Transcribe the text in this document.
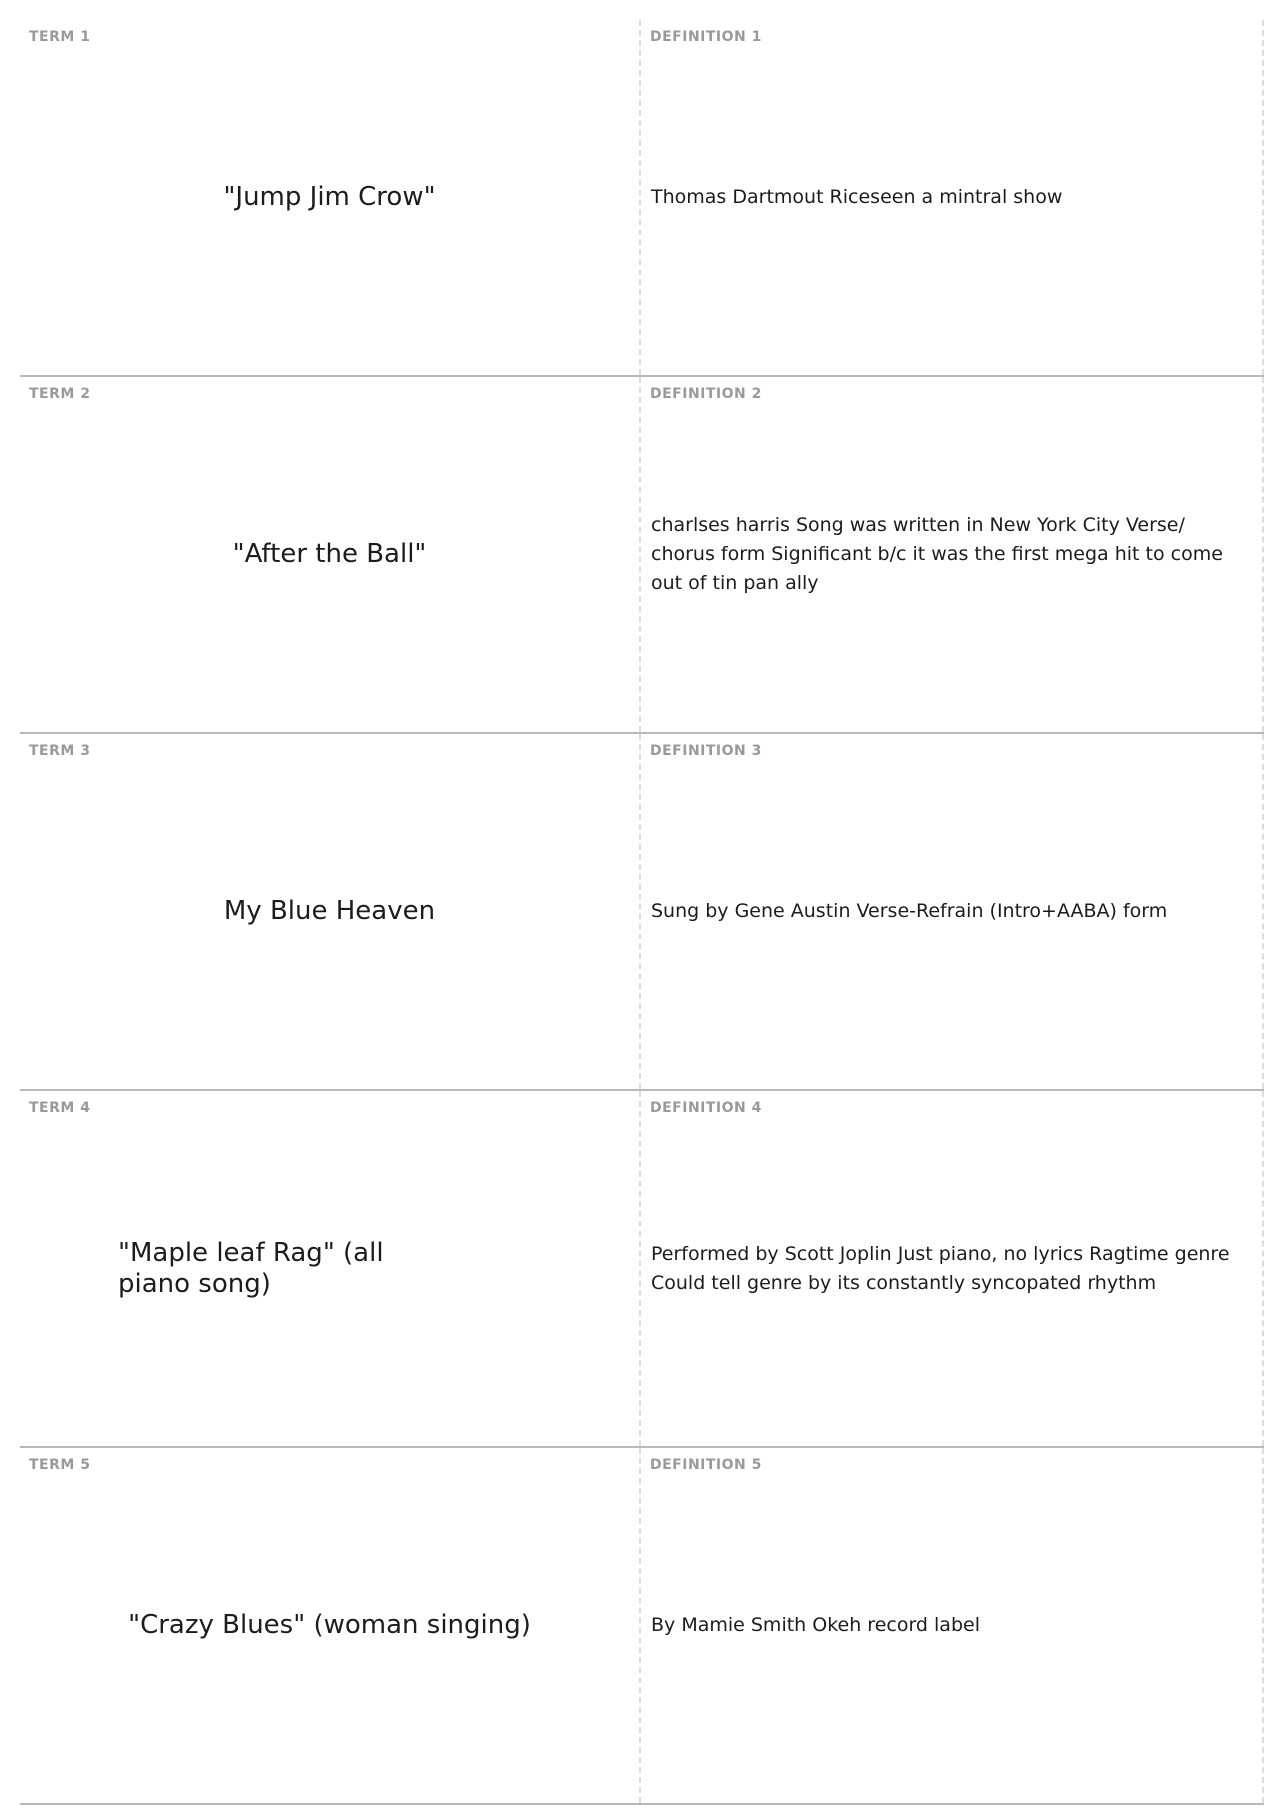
TERM 1
"Jump Jim Crow"
DEFINITION 1
Thomas Dartmout Riceseen a mintral show
TERM 2
"After the Ball"
DEFINITION 2
charlses harris Song was written in New York City Verse/ chorus form Significant b/c it was the first mega hit to come out of tin pan ally
TERM 3
My Blue Heaven
DEFINITION 3
Sung by Gene Austin Verse-Refrain (Intro+AABA) form
TERM 4
"Maple leaf Rag" (all piano song)
DEFINITION 4
Performed by Scott Joplin Just piano, no lyrics Ragtime genre Could tell genre by its constantly syncopated rhythm
TERM 5
"Crazy Blues" (woman singing)
DEFINITION 5
By Mamie Smith Okeh record label
